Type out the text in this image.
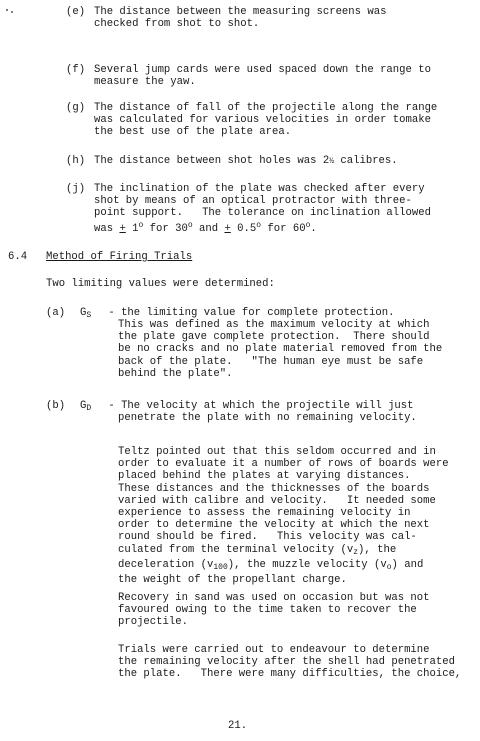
(e) The distance between the measuring screens was
checked from shot to shot.
(f) Several jump cards were used spaced down the range to
measure the yaw.
(g) The distance of fall of the projectile along the range
was calculated for various velocities in order tomake
the best use of the plate area.
(h) The distance between shot holes was 2½ calibres.
(j) The inclination of the plate was checked after every
shot by means of an optical protractor with three-
point support.   The tolerance on inclination allowed
was + $1^o$ for 30$^o$ and + $0.5^o$ for 60$^o$.
6.4 Method of Firing Trials
Two limiting values were determined:
(a) $G_S$ - the limiting value for complete protection.
This was defined as the maximum velocity at which
the plate gave complete protection.  There should
be no cracks and no plate material removed from the
back of the plate.   "The human eye must be safe
behind the plate".
(b) $G_D$ - The velocity at which the projectile will just
penetrate the plate with no remaining velocity.
Teltz pointed out that this seldom occurred and in
order to evaluate it a number of rows of boards were
placed behind the plates at varying distances.
These distances and the thicknesses of the boards
varied with calibre and velocity.   It needed some
experience to assess the remaining velocity in
order to determine the velocity at which the next
round should be fired.   This velocity was cal-
culated from the terminal velocity $(v_z)$, the
deceleration $(v_{100})$, the muzzle velocity $(v_o)$ and
the weight of the propellant charge.
Recovery in sand was used on occasion but was not
favoured owing to the time taken to recover the
projectile.
Trials were carried out to endeavour to determine
the remaining velocity after the shell had penetrated
the plate.   There were many difficulties, the choice,
21.
